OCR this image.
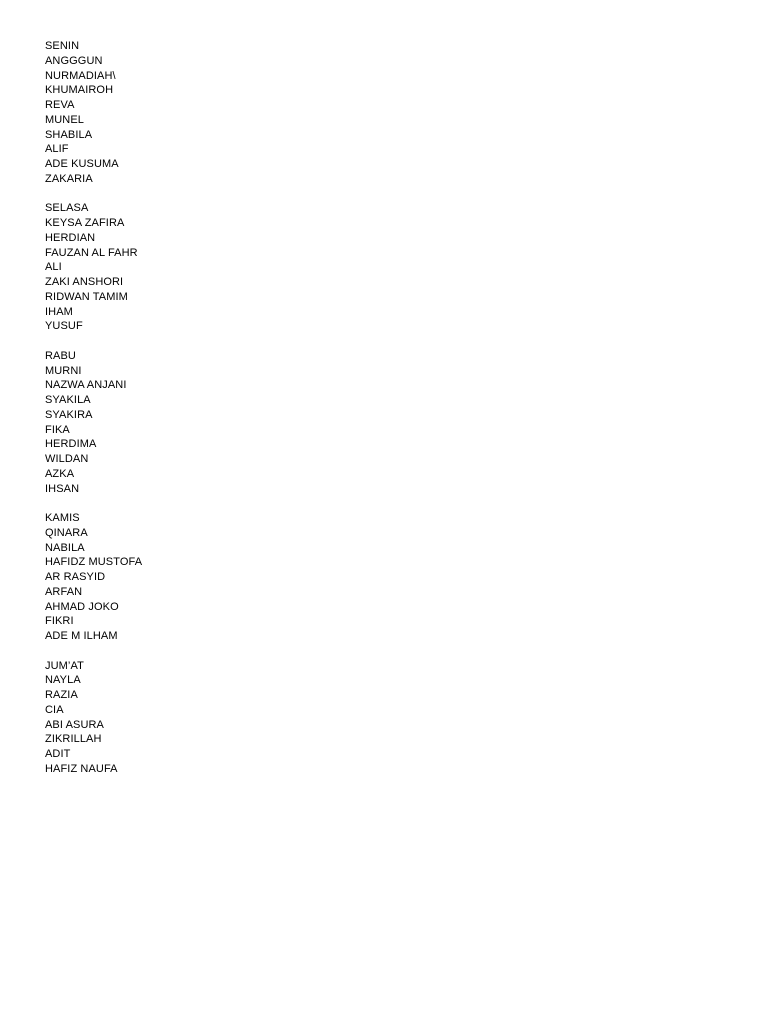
SENIN
ANGGGUN
NURMADIAH\
KHUMAIROH
REVA
MUNEL
SHABILA
ALIF
ADE KUSUMA
ZAKARIA
SELASA
KEYSA ZAFIRA
HERDIAN
FAUZAN AL FAHR
ALI
ZAKI ANSHORI
RIDWAN TAMIM
IHAM
YUSUF
RABU
MURNI
NAZWA ANJANI
SYAKILA
SYAKIRA
FIKA
HERDIMA
WILDAN
AZKA
IHSAN
KAMIS
QINARA
NABILA
HAFIDZ MUSTOFA
AR RASYID
ARFAN
AHMAD JOKO
FIKRI
ADE M ILHAM
JUM’AT
NAYLA
RAZIA
CIA
ABI ASURA
ZIKRILLAH
ADIT
HAFIZ NAUFA
